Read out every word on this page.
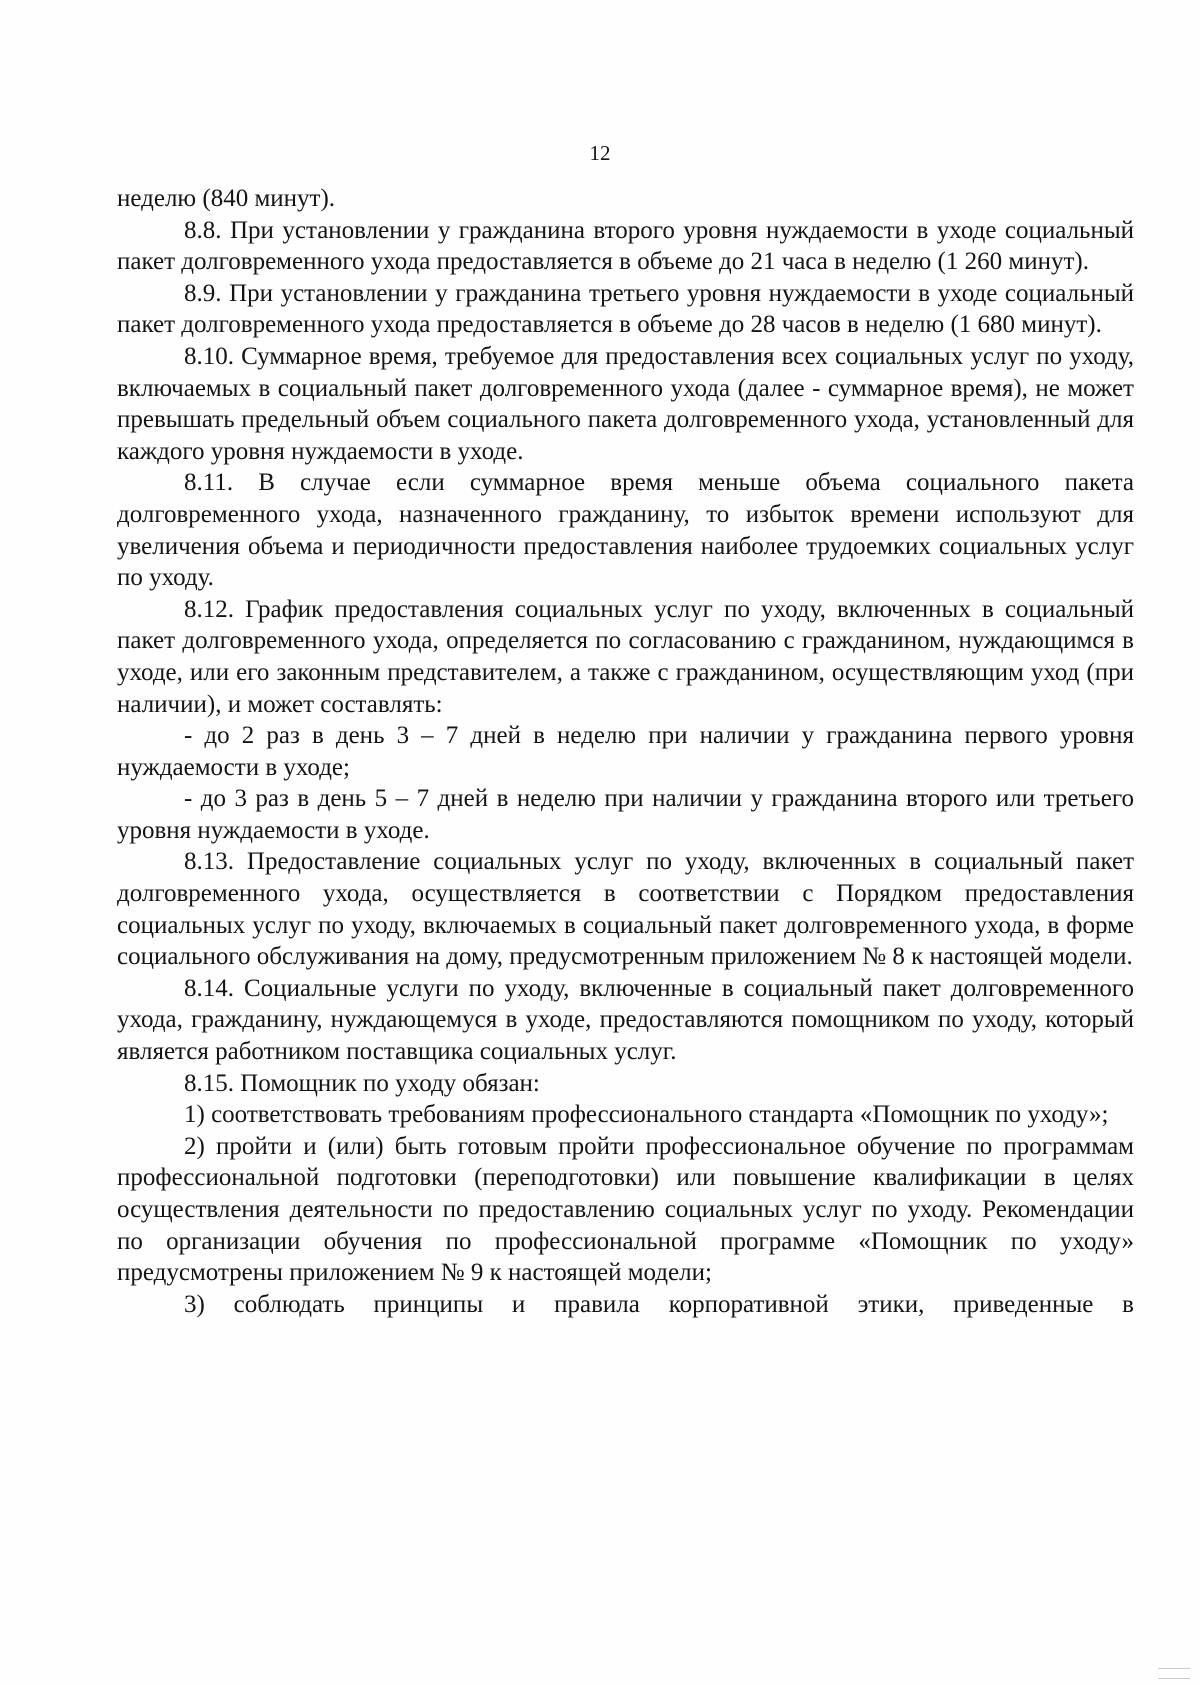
12

неделю (840 минут).

8.8. При установлении у гражданина второго уровня нуждаемости в уходе социальный пакет долговременного ухода предоставляется в объеме до 21 часа в неделю (1 260 минут).

8.9. При установлении у гражданина третьего уровня нуждаемости в уходе социальный пакет долговременного ухода предоставляется в объеме до 28 часов в неделю (1 680 минут).

8.10. Суммарное время, требуемое для предоставления всех социальных услуг по уходу, включаемых в социальный пакет долговременного ухода (далее - суммарное время), не может превышать предельный объем социального пакета долговременного ухода, установленный для каждого уровня нуждаемости в уходе.

8.11. В случае если суммарное время меньше объема социального пакета долговременного ухода, назначенного гражданину, то избыток времени используют для увеличения объема и периодичности предоставления наиболее трудоемких социальных услуг по уходу.

8.12. График предоставления социальных услуг по уходу, включенных в социальный пакет долговременного ухода, определяется по согласованию с гражданином, нуждающимся в уходе, или его законным представителем, а также с гражданином, осуществляющим уход (при наличии), и может составлять:

- до 2 раз в день 3 – 7 дней в неделю при наличии у гражданина первого уровня нуждаемости в уходе;

- до 3 раз в день 5 – 7 дней в неделю при наличии у гражданина второго или третьего уровня нуждаемости в уходе.

8.13. Предоставление социальных услуг по уходу, включенных в социальный пакет долговременного ухода, осуществляется в соответствии с Порядком предоставления социальных услуг по уходу, включаемых в социальный пакет долговременного ухода, в форме социального обслуживания на дому, предусмотренным приложением № 8 к настоящей модели.

8.14. Социальные услуги по уходу, включенные в социальный пакет долговременного ухода, гражданину, нуждающемуся в уходе, предоставляются помощником по уходу, который является работником поставщика социальных услуг.

8.15. Помощник по уходу обязан:

1) соответствовать требованиям профессионального стандарта «Помощник по уходу»;

2) пройти и (или) быть готовым пройти профессиональное обучение по программам профессиональной подготовки (переподготовки) или повышение квалификации в целях осуществления деятельности по предоставлению социальных услуг по уходу. Рекомендации по организации обучения по профессиональной программе «Помощник по уходу» предусмотрены приложением № 9 к настоящей модели;

3) соблюдать принципы и правила корпоративной этики, приведенные в
